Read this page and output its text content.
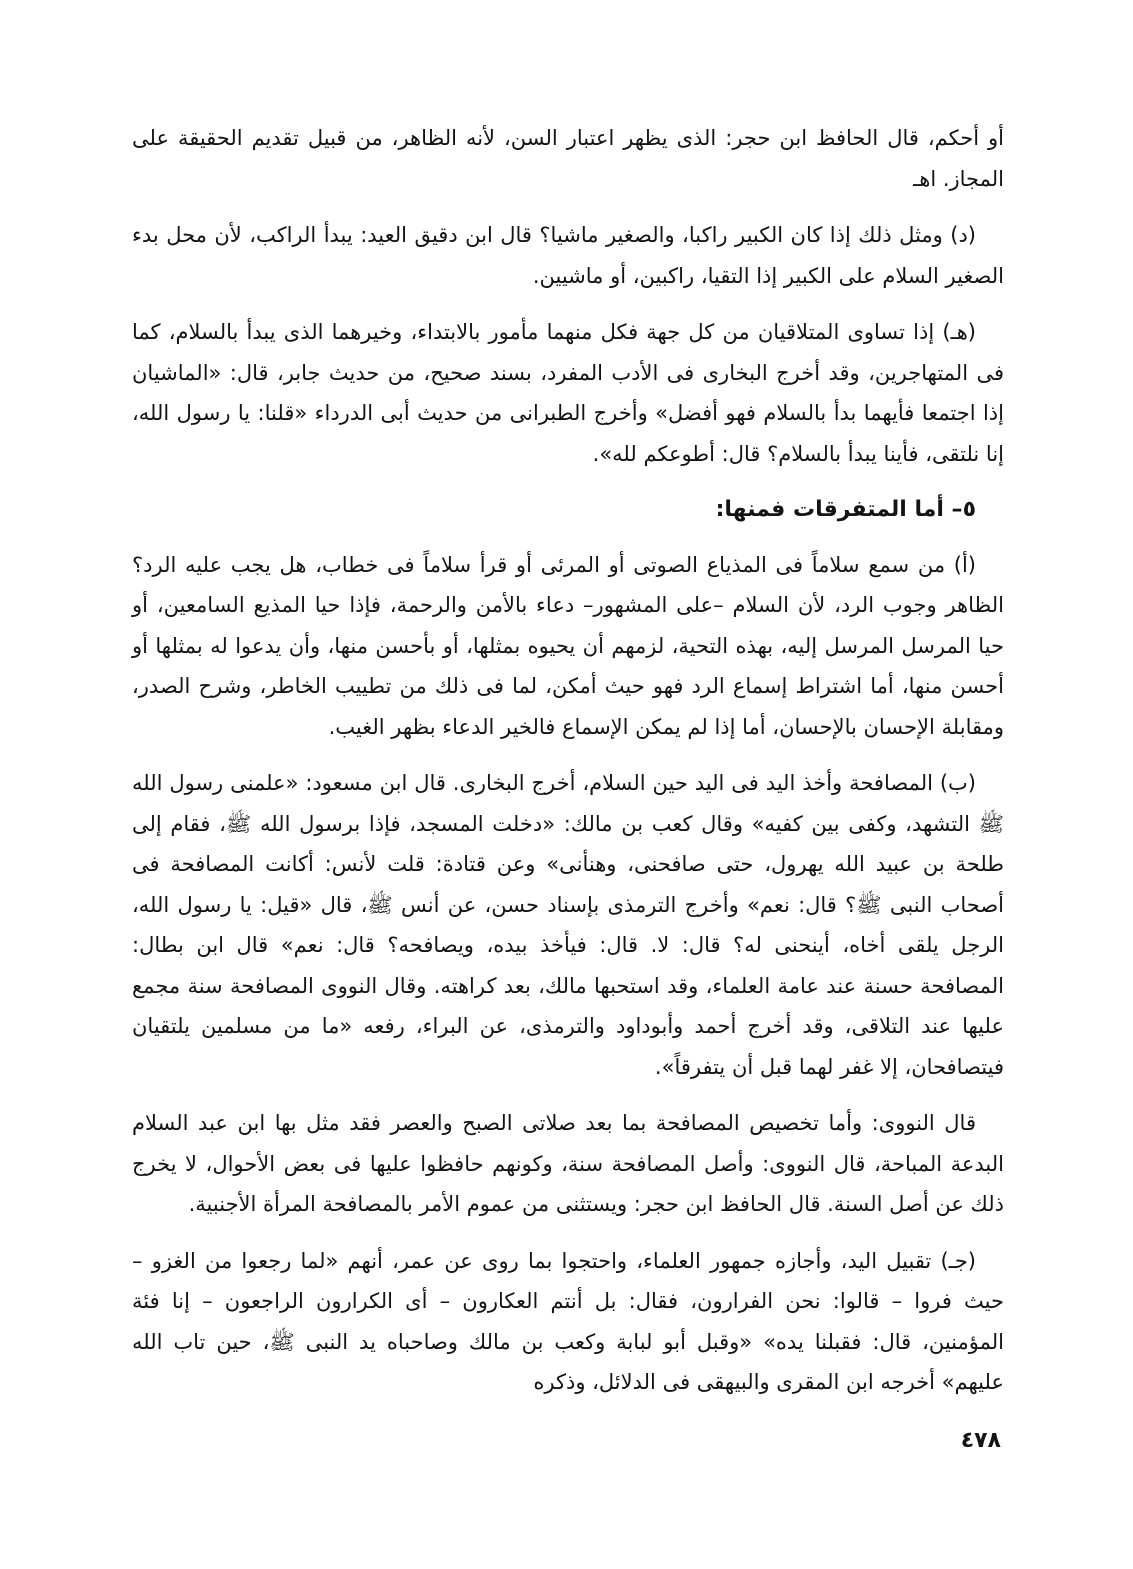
أو أحكم، قال الحافظ ابن حجر: الذى يظهر اعتبار السن، لأنه الظاهر، من قبيل تقديم الحقيقة على المجاز. اهـ

(د) ومثل ذلك إذا كان الكبير راكبا، والصغير ماشيا؟ قال ابن دقيق العيد: يبدأ الراكب، لأن محل بدء الصغير السلام على الكبير إذا التقيا، راكبين، أو ماشيين.

(هـ) إذا تساوى المتلاقيان من كل جهة فكل منهما مأمور بالابتداء، وخيرهما الذى يبدأ بالسلام، كما فى المتهاجرين، وقد أخرج البخارى فى الأدب المفرد، بسند صحيح، من حديث جابر، قال: «الماشيان إذا اجتمعا فأيهما بدأ بالسلام فهو أفضل» وأخرج الطبرانى من حديث أبى الدرداء «قلنا: يا رسول الله، إنا نلتقى، فأينا يبدأ بالسلام؟ قال: أطوعكم لله».

٥– أما المتفرقات فمنها:

(أ) من سمع سلاماً فى المذياع الصوتى أو المرئى أو قرأ سلاماً فى خطاب، هل يجب عليه الرد؟ الظاهر وجوب الرد، لأن السلام –على المشهور– دعاء بالأمن والرحمة، فإذا حيا المذيع السامعين، أو حيا المرسل المرسل إليه، بهذه التحية، لزمهم أن يحيوه بمثلها، أو بأحسن منها، وأن يدعوا له بمثلها أو أحسن منها، أما اشتراط إسماع الرد فهو حيث أمكن، لما فى ذلك من تطييب الخاطر، وشرح الصدر، ومقابلة الإحسان بالإحسان، أما إذا لم يمكن الإسماع فالخير الدعاء بظهر الغيب.

(ب) المصافحة وأخذ اليد فى اليد حين السلام، أخرج البخارى. قال ابن مسعود: «علمنى رسول الله ﷺ التشهد، وكفى بين كفيه» وقال كعب بن مالك: «دخلت المسجد، فإذا برسول الله ﷺ، فقام إلى طلحة بن عبيد الله يهرول، حتى صافحنى، وهنأنى» وعن قتادة: قلت لأنس: أكانت المصافحة فى أصحاب النبى ﷺ؟ قال: نعم» وأخرج الترمذى بإسناد حسن، عن أنس ﷺ، قال «قيل: يا رسول الله، الرجل يلقى أخاه، أينحنى له؟ قال: لا. قال: فيأخذ بيده، ويصافحه؟ قال: نعم» قال ابن بطال: المصافحة حسنة عند عامة العلماء، وقد استحبها مالك، بعد كراهته. وقال النووى المصافحة سنة مجمع عليها عند التلاقى، وقد أخرج أحمد وأبوداود والترمذى، عن البراء، رفعه «ما من مسلمين يلتقيان فيتصافحان، إلا غفر لهما قبل أن يتفرقاً».

قال النووى: وأما تخصيص المصافحة بما بعد صلاتى الصبح والعصر فقد مثل بها ابن عبد السلام البدعة المباحة، قال النووى: وأصل المصافحة سنة، وكونهم حافظوا عليها فى بعض الأحوال، لا يخرج ذلك عن أصل السنة. قال الحافظ ابن حجر: ويستثنى من عموم الأمر بالمصافحة المرأة الأجنبية.

(جـ) تقبيل اليد، وأجازه جمهور العلماء، واحتجوا بما روى عن عمر، أنهم «لما رجعوا من الغزو – حيث فروا – قالوا: نحن الفرارون، فقال: بل أنتم العكارون – أى الكرارون الراجعون – إنا فئة المؤمنين، قال: فقبلنا يده» «وقبل أبو لبابة وكعب بن مالك وصاحباه يد النبى ﷺ، حين تاب الله عليهم» أخرجه ابن المقرى والبيهقى فى الدلائل، وذكره

٤٧٨
